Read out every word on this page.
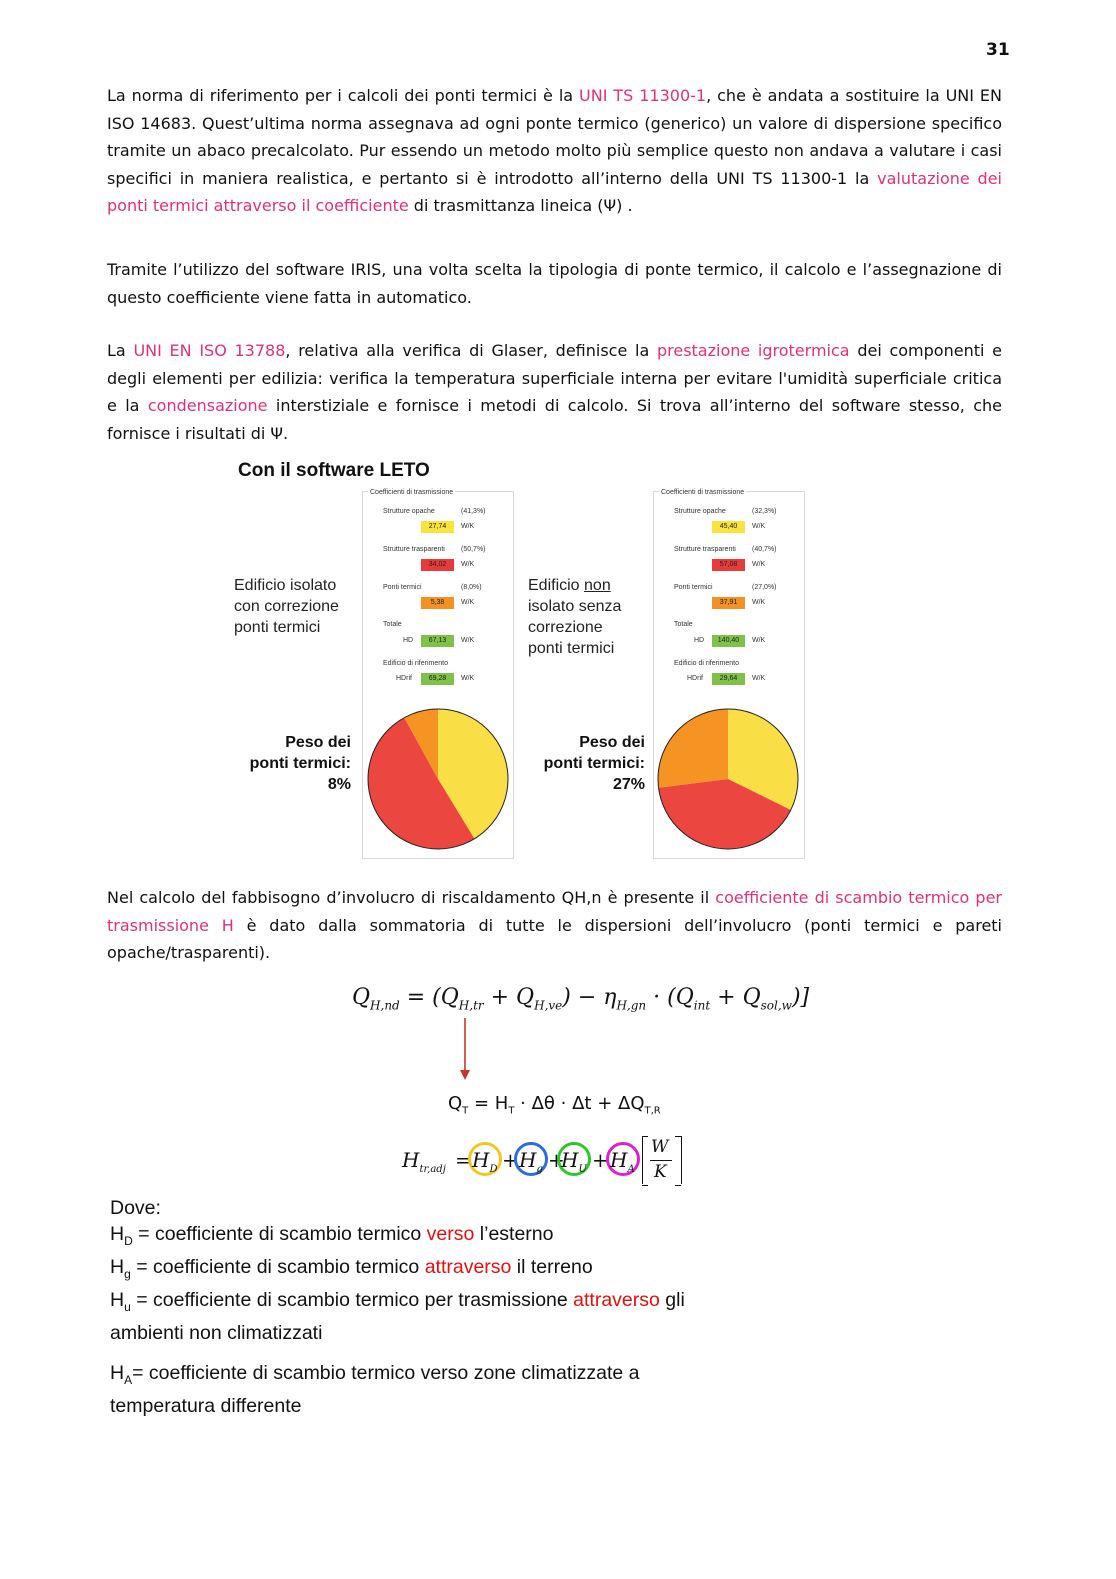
31
La norma di riferimento per i calcoli dei ponti termici è la UNI TS 11300-1, che è andata a sostituire la UNI EN ISO 14683. Quest’ultima norma assegnava ad ogni ponte termico (generico) un valore di dispersione specifico tramite un abaco precalcolato. Pur essendo un metodo molto più semplice questo non andava a valutare i casi specifici in maniera realistica, e pertanto si è introdotto all’interno della UNI TS 11300-1 la valutazione dei ponti termici attraverso il coefficiente di trasmittanza lineica (Ψ) .
Tramite l’utilizzo del software IRIS, una volta scelta la tipologia di ponte termico, il calcolo e l’assegnazione di questo coefficiente viene fatta in automatico.
La UNI EN ISO 13788, relativa alla verifica di Glaser, definisce la prestazione igrotermica dei componenti e degli elementi per edilizia: verifica la temperatura superficiale interna per evitare l'umidità superficiale critica e la condensazione interstiziale e fornisce i metodi di calcolo. Si trova all’interno del software stesso, che fornisce i risultati di Ψ.
Con il software LETO
Edificio isolato
con correzione
ponti termici
Peso dei
ponti termici:
8%
Coefficienti di trasmissione
Strutture opache	(41,3%)
27,74	W/K
Strutture trasparenti (50,7%)
34,02	W/K
Ponti termici	(8,0%)
5,38	W/K
Totale
HD	67,13	W/K
Edificio di riferimento
HDrif	69,28	W/K
Edificio non
isolato senza
correzione
ponti termici
Peso dei
ponti termici:
27%
Coefficienti di trasmissione
Strutture opache	(32,3%)
45,40	W/K
Strutture trasparenti (40,7%)
57,08	W/K
Ponti termici	(27,0%)
37,91	W/K
Totale
HD	140,40	W/K
Edificio di riferimento
HDrif	29,64	W/K
Nel calcolo del fabbisogno d’involucro di riscaldamento QH,n è presente il coefficiente di scambio termico per trasmissione H è dato dalla sommatoria di tutte le dispersioni dell’involucro (ponti termici e pareti opache/trasparenti).
$Q_{H,nd} = (Q_{H,tr} + Q_{H,ve}) - \eta_{H,gn} \cdot (Q_{int} + Q_{sol,w})$]
$Q_T = H_T \cdot \Delta\theta \cdot \Delta t + \Delta Q_{T,R}$
$H_{tr,adj} = H_D + H_g$ +
$H_U + H_A$
W
K
Dove:
$H_D$ = coefficiente di scambio termico verso l’esterno
$H_g$ = coefficiente di scambio termico attraverso il terreno
$H_u$ = coefficiente di scambio termico per trasmissione attraverso gli
ambienti non climatizzati
$H_A=$ coefficiente di scambio termico verso zone climatizzate a
temperatura differente
